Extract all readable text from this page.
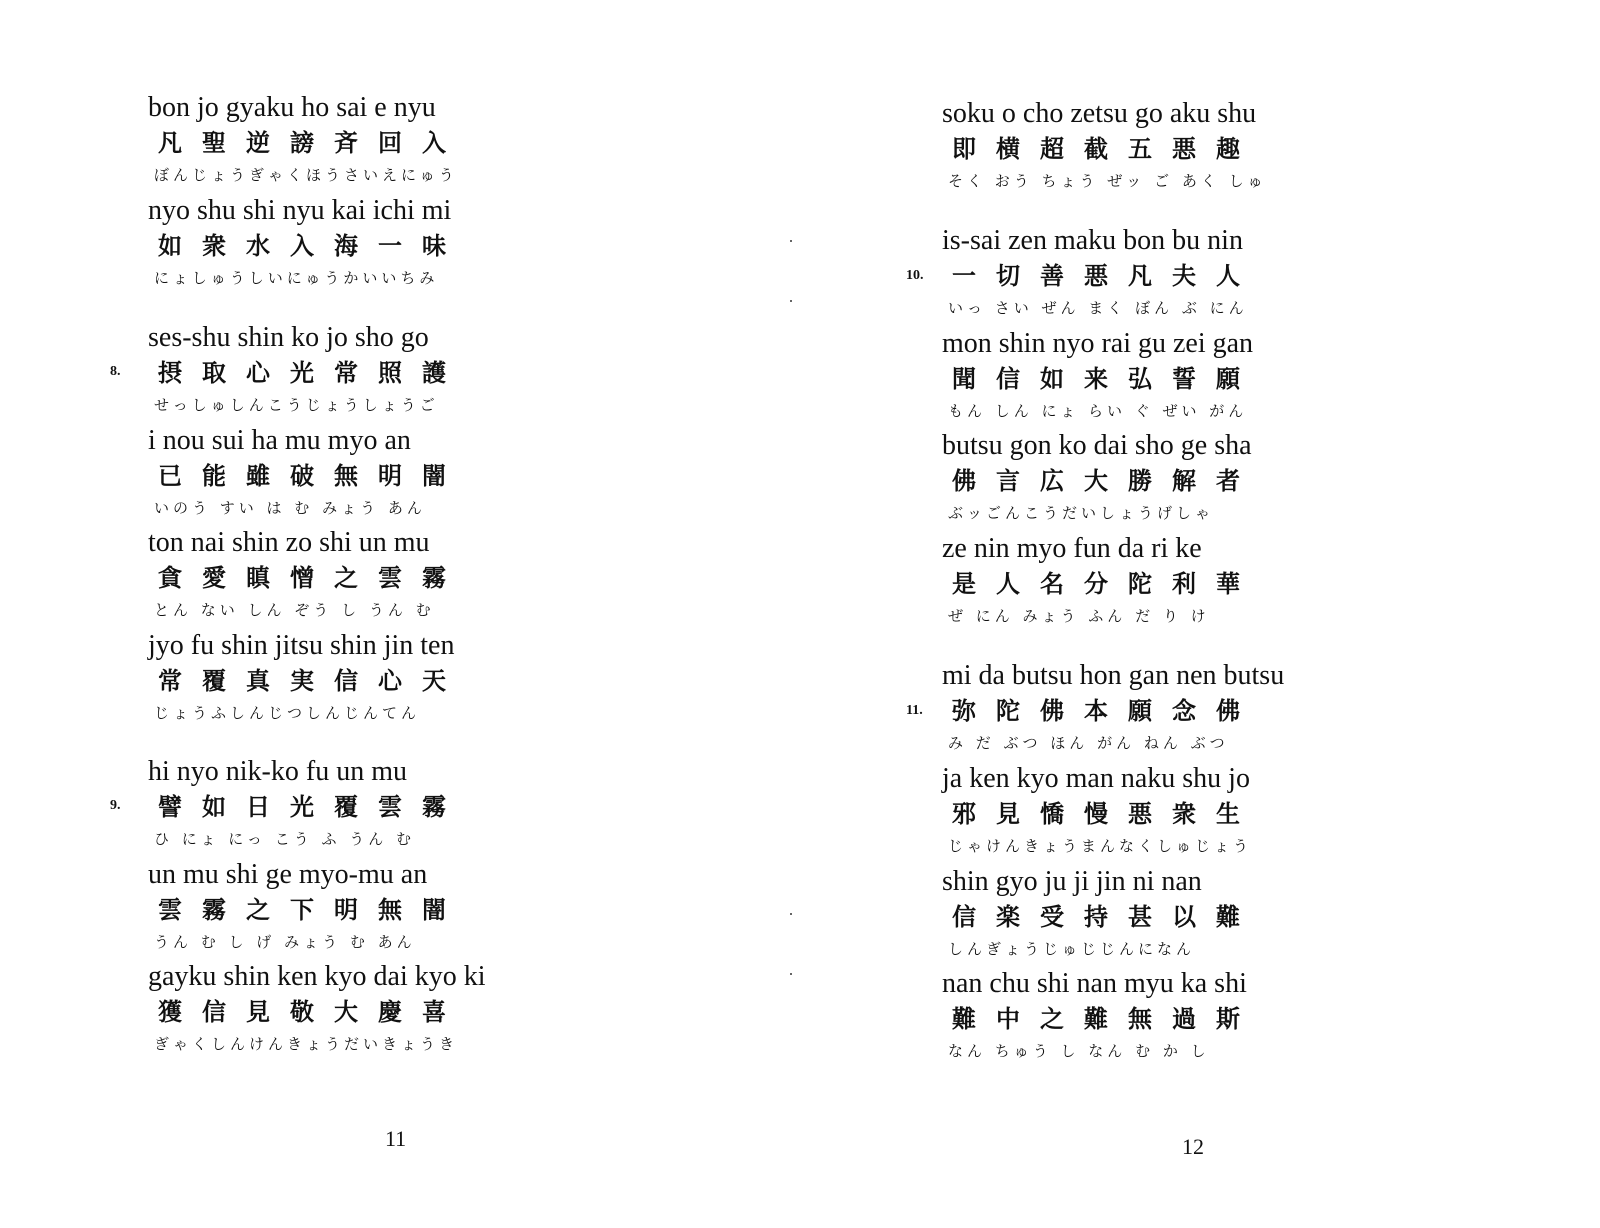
bon jo gyaku ho sai e nyu
凡聖逆謗斉回入
ぼんじょうぎゃくほうさいえにゅう
nyo shu shi nyu kai ichi mi
如衆水入海一味
にょしゅうしいにゅうかいいちみ
8.
ses-shu shin ko jo sho go
摂取心光常照護
せっしゅしんこうじょうしょうご
i nou sui ha mu myo an
已能雖破無明闇
いのう すい は む みょう あん
ton nai shin zo shi un mu
貪愛瞋憎之雲霧
とん ない しん ぞう し うん む
jyo fu shin jitsu shin jin ten
常覆真実信心天
じょうふしんじつしんじんてん
9.
hi nyo nik-ko fu un mu
譬如日光覆雲霧
ひ にょ にっ こう ふ うん む
un mu shi ge myo-mu an
雲霧之下明無闇
うん む し げ みょう む あん
gayku shin ken kyo dai kyo ki
獲信見敬大慶喜
ぎゃくしんけんきょうだいきょうき
11
soku o cho zetsu go aku shu
即横超截五悪趣
そく おう ちょう ぜッ ご あく しゅ
10.
is-sai zen maku bon bu nin
一切善悪凡夫人
いっ さい ぜん まく ぼん ぶ にん
mon shin nyo rai gu zei gan
聞信如来弘誓願
もん しん にょ らい ぐ ぜい がん
butsu gon ko dai sho ge sha
佛言広大勝解者
ぶッごんこうだいしょうげしゃ
ze nin myo fun da ri ke
是人名分陀利華
ぜ にん みょう ふん だ り け
11.
mi da butsu hon gan nen butsu
弥陀佛本願念佛
み だ ぶつ ほん がん ねん ぶつ
ja ken kyo man naku shu jo
邪見憍慢悪衆生
じゃけんきょうまんなくしゅじょう
shin gyo ju ji jin ni nan
信楽受持甚以難
しんぎょうじゅじじんになん
nan chu shi nan myu ka shi
難中之難無過斯
なん ちゅう し なん む か し
12
